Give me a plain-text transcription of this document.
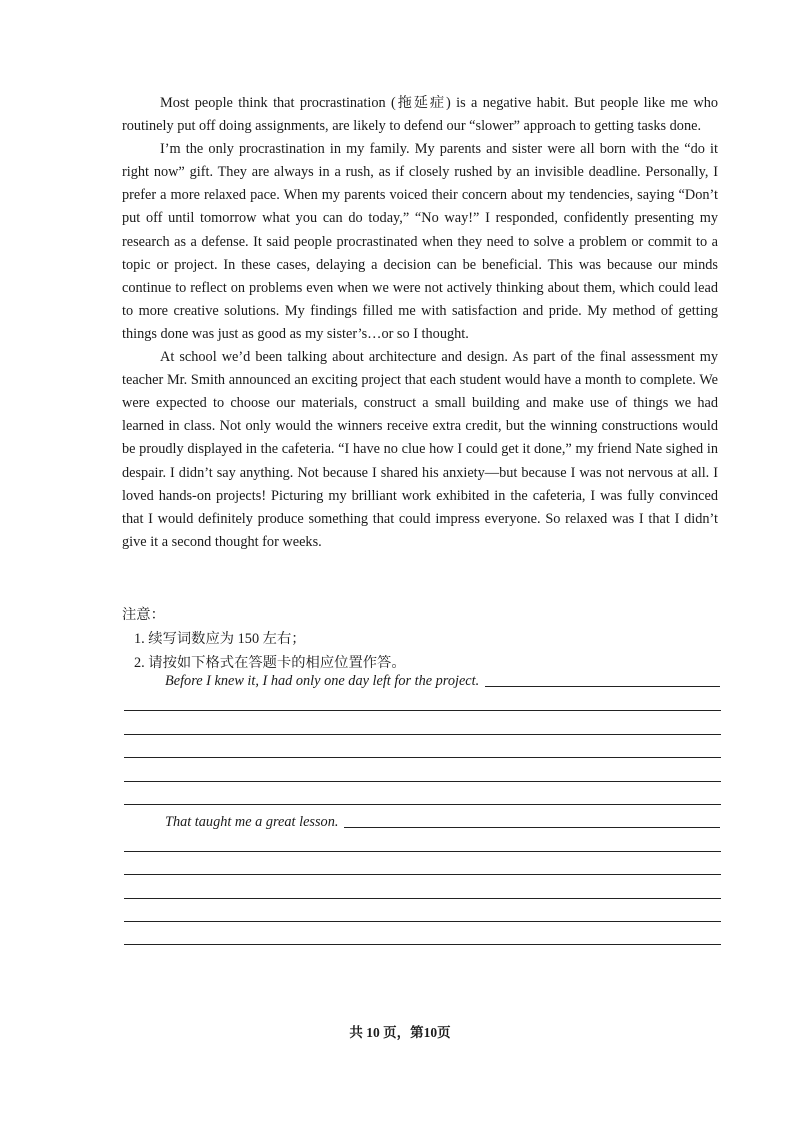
Most people think that procrastination (拖延症) is a negative habit. But people like me who routinely put off doing assignments, are likely to defend our “slower” approach to getting tasks done.

I’m the only procrastination in my family. My parents and sister were all born with the “do it right now” gift. They are always in a rush, as if closely rushed by an invisible deadline. Personally, I prefer a more relaxed pace. When my parents voiced their concern about my tendencies, saying “Don’t put off until tomorrow what you can do today,” “No way!” I responded, confidently presenting my research as a defense. It said people procrastinated when they need to solve a problem or commit to a topic or project. In these cases, delaying a decision can be beneficial. This was because our minds continue to reflect on problems even when we were not actively thinking about them, which could lead to more creative solutions. My findings filled me with satisfaction and pride. My method of getting things done was just as good as my sister’s…or so I thought.

At school we’d been talking about architecture and design. As part of the final assessment my teacher Mr. Smith announced an exciting project that each student would have a month to complete. We were expected to choose our materials, construct a small building and make use of things we had learned in class. Not only would the winners receive extra credit, but the winning constructions would be proudly displayed in the cafeteria. “I have no clue how I could get it done,” my friend Nate sighed in despair. I didn’t say anything. Not because I shared his anxiety—but because I was not nervous at all. I loved hands-on projects! Picturing my brilliant work exhibited in the cafeteria, I was fully convinced that I would definitely produce something that could impress everyone. So relaxed was I that I didn’t give it a second thought for weeks.

注意：
1. 续写词数应为 150 左右；
2. 请按如下格式在答题卡的相应位置作答。
Before I knew it, I had only one day left for the project.
That taught me a great lesson.
共 10 页，第10页
